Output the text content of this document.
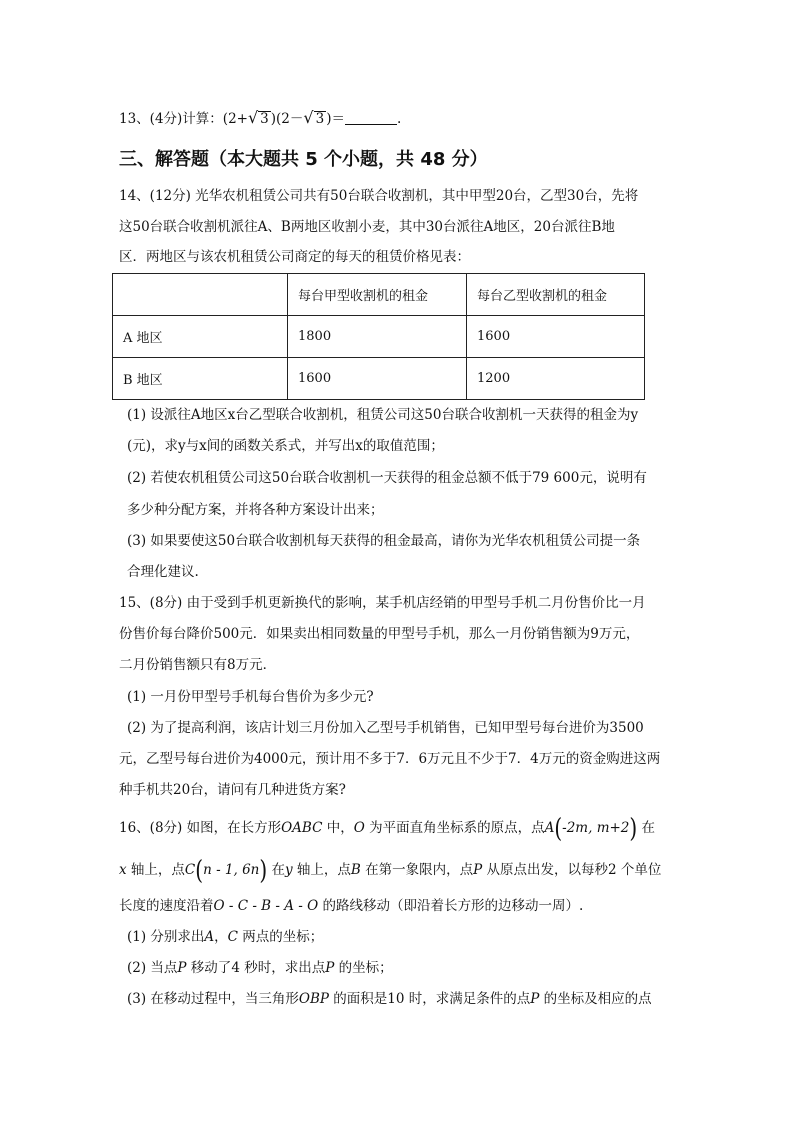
13、(4分)计算：(2+√ 3 )(2－√ 3 )＝	.
三、解答题（本大题共 5 个小题，共 48 分）
14、(12分) 光华农机租赁公司共有50台联合收割机，其中甲型20台，乙型30台，先将
这50台联合收割机派往A、B两地区收割小麦，其中30台派往A地区，20台派往B地
区．两地区与该农机租赁公司商定的每天的租赁价格见表：
	每台甲型收割机的租金	每台乙型收割机的租金
A 地区	1800	1600
B 地区	1600	1200
(1) 设派往A地区x台乙型联合收割机，租赁公司这50台联合收割机一天获得的租金为y
(元)，求y与x间的函数关系式，并写出x的取值范围；
(2) 若使农机租赁公司这50台联合收割机一天获得的租金总额不低于79 600元，说明有
多少种分配方案，并将各种方案设计出来；
(3) 如果要使这50台联合收割机每天获得的租金最高，请你为光华农机租赁公司提一条
合理化建议.
15、(8分) 由于受到手机更新换代的影响，某手机店经销的甲型号手机二月份售价比一月
份售价每台降价500元．如果卖出相同数量的甲型号手机，那么一月份销售额为9万元，
二月份销售额只有8万元．
(1) 一月份甲型号手机每台售价为多少元?
(2) 为了提高利润，该店计划三月份加入乙型号手机销售，已知甲型号每台进价为3500
元，乙型号每台进价为4000元，预计用不多于7．6万元且不少于7．4万元的资金购进这两
种手机共20台，请问有几种进货方案?
16、(8分) 如图，在长方形OABC 中，O 为平面直角坐标系的原点，点A(-2m, m+2) 在
x 轴上，点C(n - 1, 6n) 在y 轴上，点B 在第一象限内，点P 从原点出发，以每秒2 个单位
长度的速度沿着O - C - B - A - O 的路线移动（即沿着长方形的边移动一周）.
(1) 分别求出A，C 两点的坐标；
(2) 当点P 移动了4 秒时，求出点P 的坐标；
(3) 在移动过程中，当三角形OBP 的面积是10 时，求满足条件的点P 的坐标及相应的点
